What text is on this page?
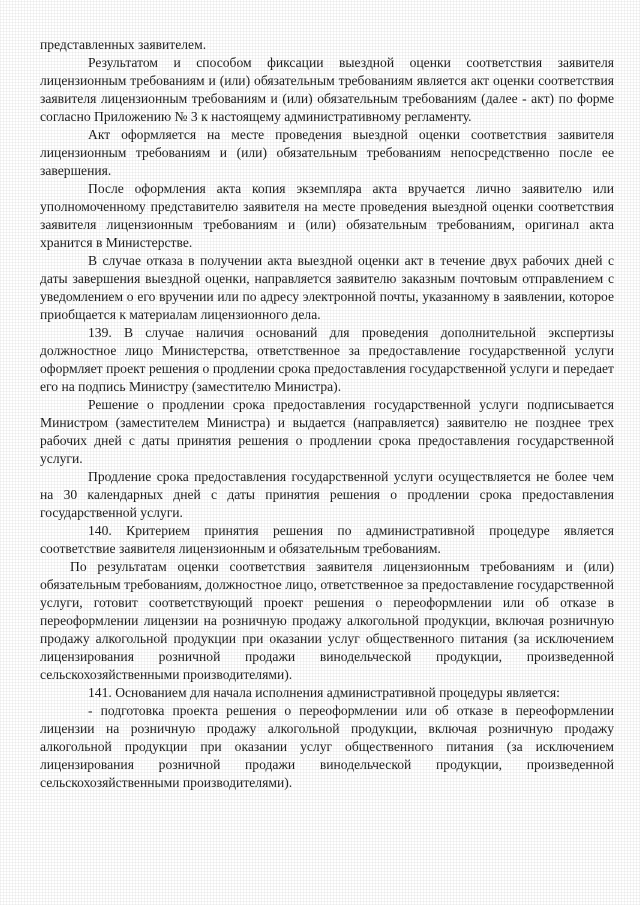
представленных заявителем.

Результатом и способом фиксации выездной оценки соответствия заявителя лицензионным требованиям и (или) обязательным требованиям является акт оценки соответствия заявителя лицензионным требованиям и (или) обязательным требованиям (далее - акт) по форме согласно Приложению № 3 к настоящему административному регламенту.

Акт оформляется на месте проведения выездной оценки соответствия заявителя лицензионным требованиям и (или) обязательным требованиям непосредственно после ее завершения.

После оформления акта копия экземпляра акта вручается лично заявителю или уполномоченному представителю заявителя на месте проведения выездной оценки соответствия заявителя лицензионным требованиям и (или) обязательным требованиям, оригинал акта хранится в Министерстве.

В случае отказа в получении акта выездной оценки акт в течение двух рабочих дней с даты завершения выездной оценки, направляется заявителю заказным почтовым отправлением с уведомлением о его вручении или по адресу электронной почты, указанному в заявлении, которое приобщается к материалам лицензионного дела.

139. В случае наличия оснований для проведения дополнительной экспертизы должностное лицо Министерства, ответственное за предоставление государственной услуги оформляет проект решения о продлении срока предоставления государственной услуги и передает его на подпись Министру (заместителю Министра).

Решение о продлении срока предоставления государственной услуги подписывается Министром (заместителем Министра) и выдается (направляется) заявителю не позднее трех рабочих дней с даты принятия решения о продлении срока предоставления государственной услуги.

Продление срока предоставления государственной услуги осуществляется не более чем на 30 календарных дней с даты принятия решения о продлении срока предоставления государственной услуги.

140. Критерием принятия решения по административной процедуре является соответствие заявителя лицензионным и обязательным требованиям.

По результатам оценки соответствия заявителя лицензионным требованиям и (или) обязательным требованиям, должностное лицо, ответственное за предоставление государственной услуги, готовит соответствующий проект решения о переоформлении или об отказе в переоформлении лицензии на розничную продажу алкогольной продукции, включая розничную продажу алкогольной продукции при оказании услуг общественного питания (за исключением лицензирования розничной продажи винодельческой продукции, произведенной сельскохозяйственными производителями).

141. Основанием для начала исполнения административной процедуры является:

- подготовка проекта решения о переоформлении или об отказе в переоформлении лицензии на розничную продажу алкогольной продукции, включая розничную продажу алкогольной продукции при оказании услуг общественного питания (за исключением лицензирования розничной продажи винодельческой продукции, произведенной сельскохозяйственными производителями).
